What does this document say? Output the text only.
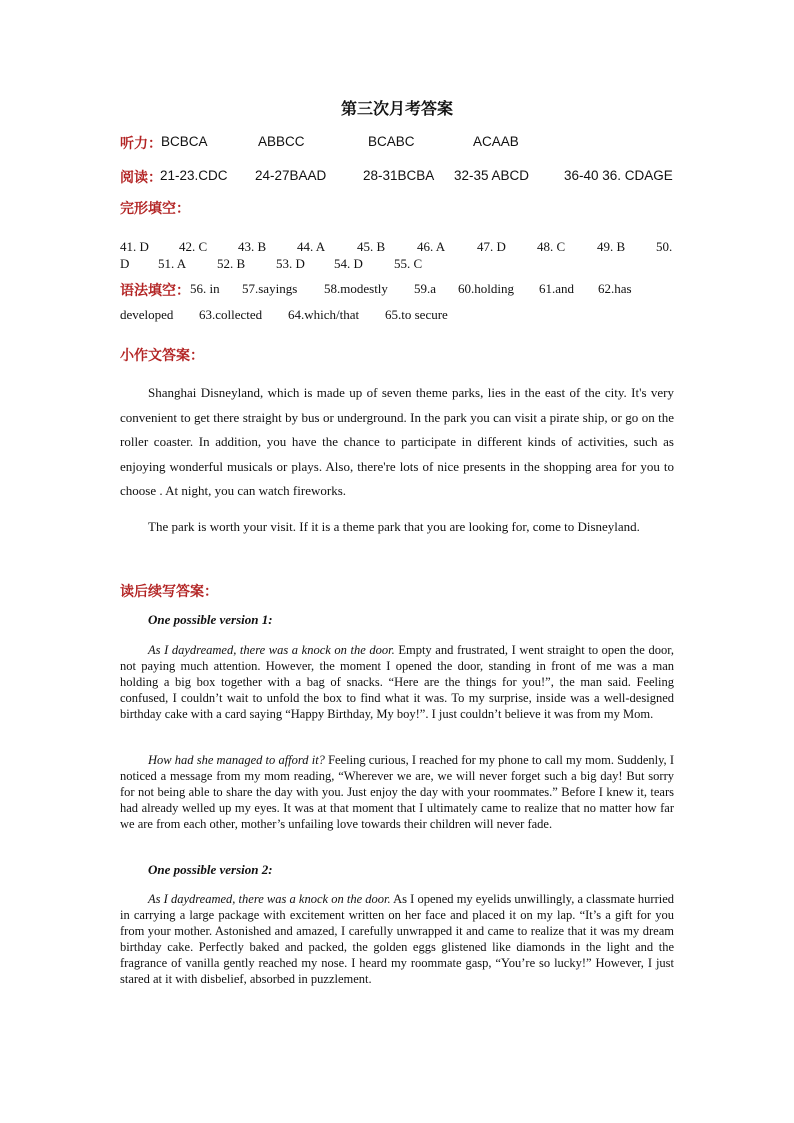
第三次月考答案
听力： BCBCA	ABBCC	BCABC	ACAAB
阅读：
21-23.CDC 24-27BAAD	28-31BCBA 32-35 ABCD	36-40 36. CDAGE
完形填空：
41. D 42. C 43. B 44. A 45. B 46. A 47. D 48. C 49. B 50.
D 51. A 52. B 53. D 54. D 55. C
语法填空： 56. in 57.sayings 58.modestly 59.a 60.holding 61.and 62.has
developed 63.collected 64.which/that 65.to secure
小作文答案：

Shanghai Disneyland, which is made up of seven theme parks, lies in the east of the city. It's very convenient to get there straight by bus or underground. In the park you can visit a pirate ship, or go on the roller coaster. In addition, you have the chance to participate in different kinds of activities, such as enjoying wonderful musicals or plays. Also, there're lots of nice presents in the shopping area for you to choose . At night, you can watch fireworks.

The park is worth your visit. If it is a theme park that you are looking for, come to Disneyland.

读后续写答案：
One possible version 1:

As I daydreamed, there was a knock on the door. Empty and frustrated, I went straight to open the door, not paying much attention. However, the moment I opened the door, standing in front of me was a man holding a big box together with a bag of snacks. “Here are the things for you!”, the man said. Feeling confused, I couldn’t wait to unfold the box to find what it was. To my surprise, inside was a well-designed birthday cake with a card saying “Happy Birthday, My boy!”. I just couldn’t believe it was from my Mom.

How had she managed to afford it? Feeling curious, I reached for my phone to call my mom. Suddenly, I noticed a message from my mom reading, “Wherever we are, we will never forget such a big day! But sorry for not being able to share the day with you. Just enjoy the day with your roommates.” Before I knew it, tears had already welled up my eyes. It was at that moment that I ultimately came to realize that no matter how far we are from each other, mother’s unfailing love towards their children will never fade.

One possible version 2:

As I daydreamed, there was a knock on the door. As I opened my eyelids unwillingly, a classmate hurried in carrying a large package with excitement written on her face and placed it on my lap. “It’s a gift for you from your mother. Astonished and amazed, I carefully unwrapped it and came to realize that it was my dream birthday cake. Perfectly baked and packed, the golden eggs glistened like diamonds in the light and the fragrance of vanilla gently reached my nose. I heard my roommate gasp, “You’re so lucky!” However, I just stared at it with disbelief, absorbed in puzzlement.
